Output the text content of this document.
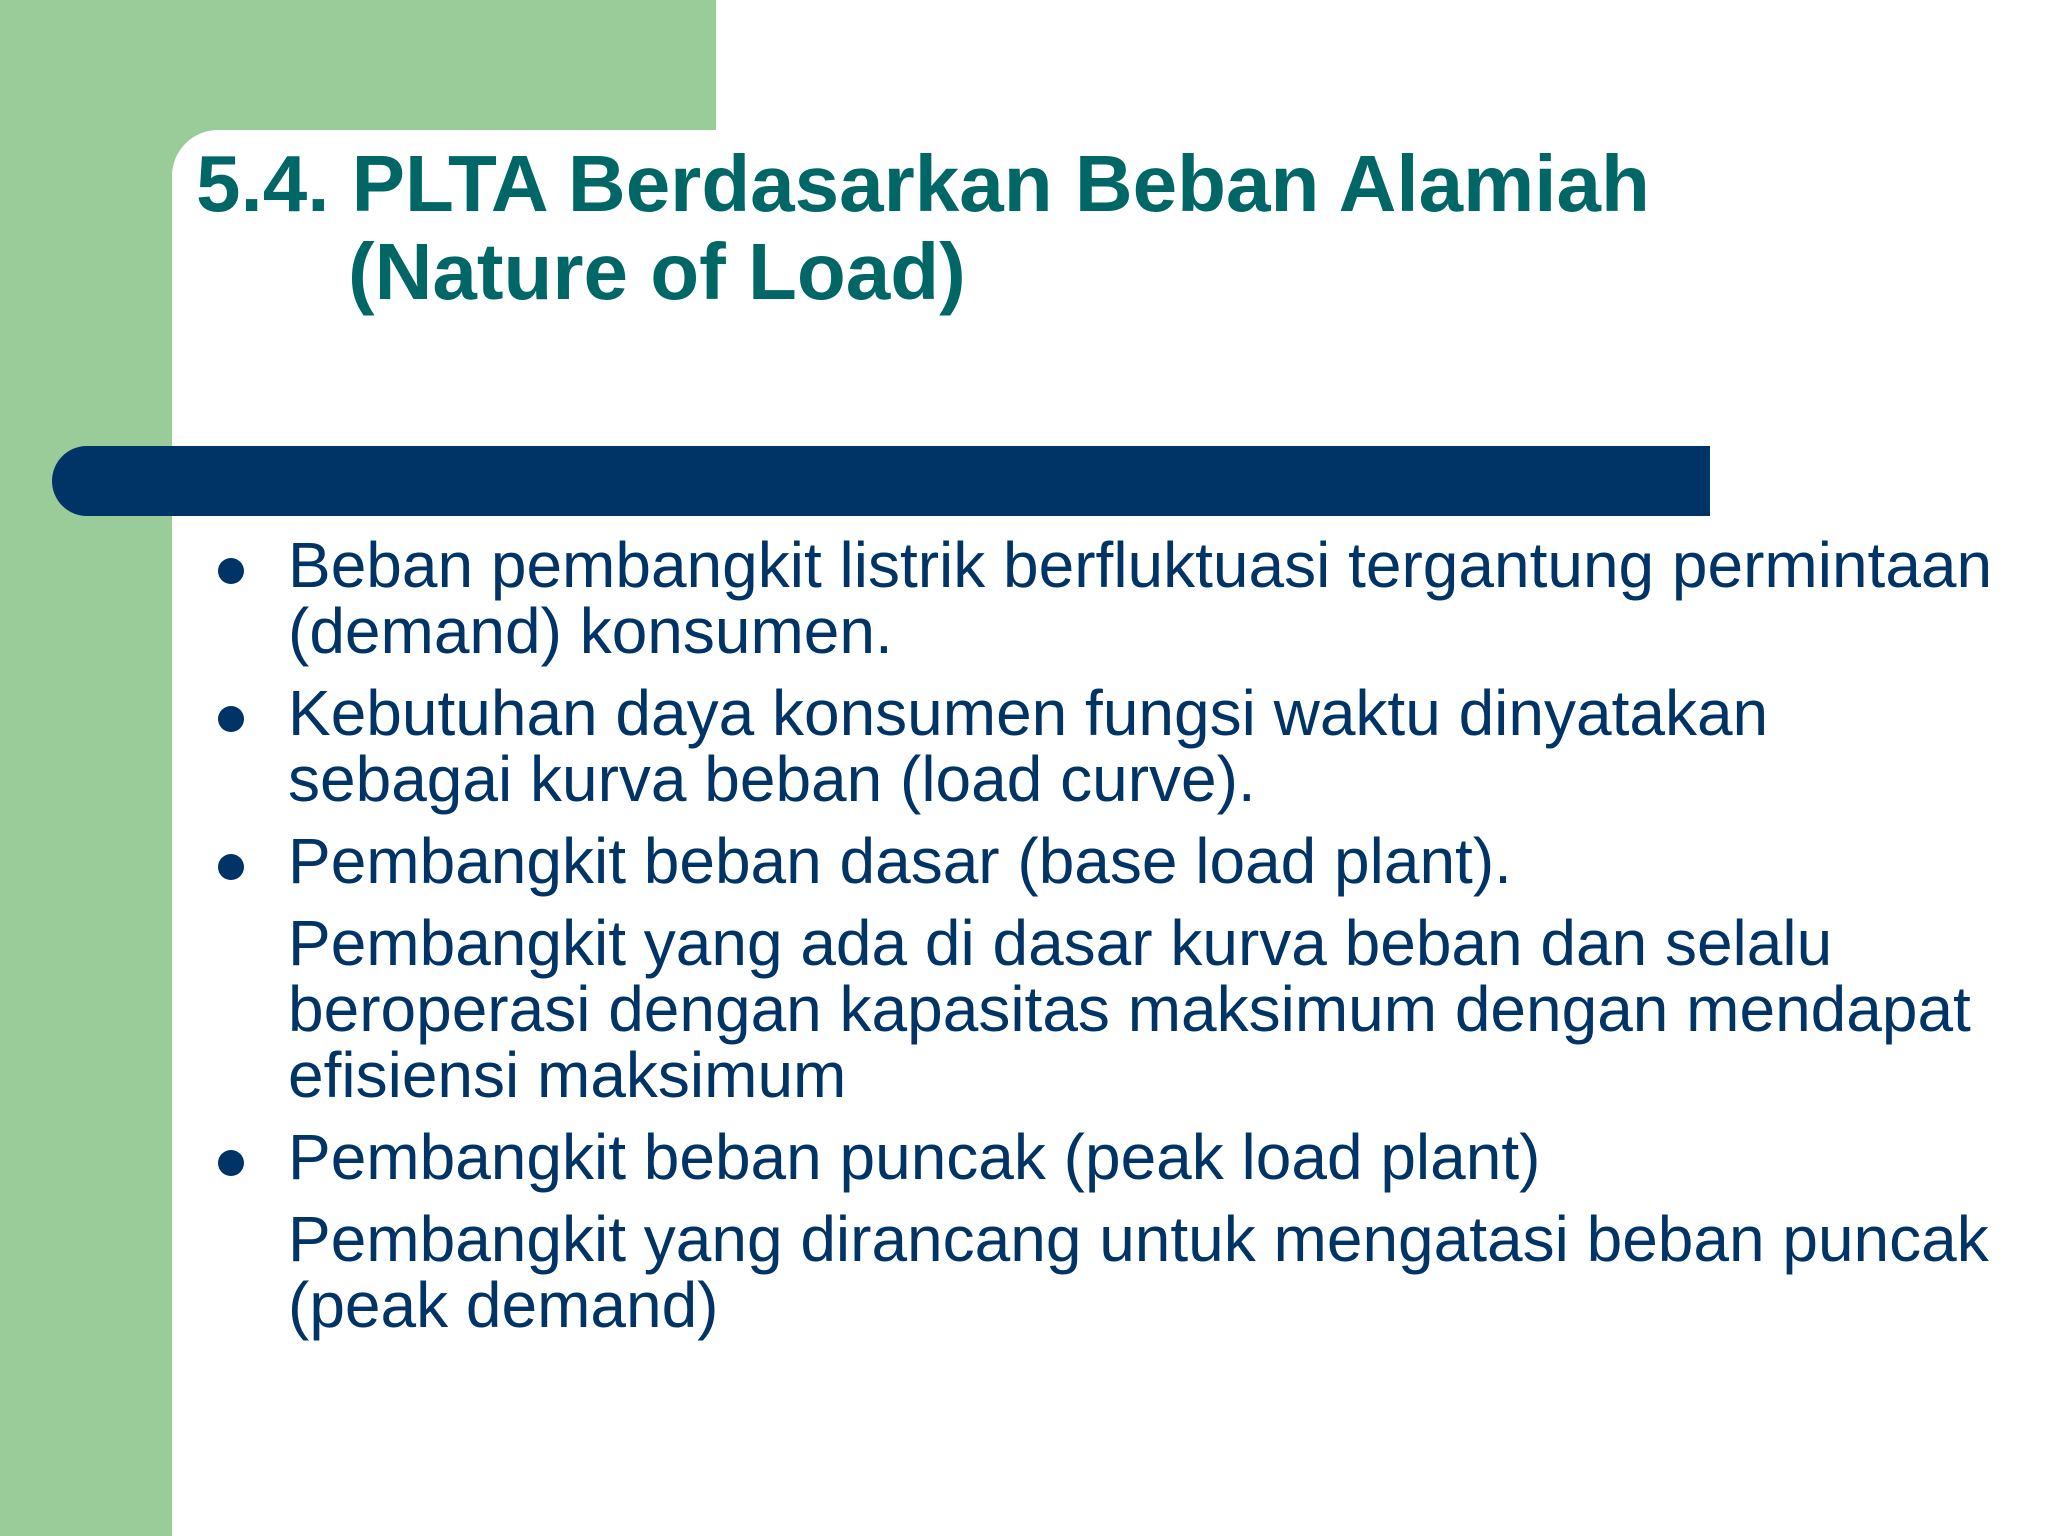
5.4. PLTA Berdasarkan Beban Alamiah
(Nature of Load)
Beban pembangkit listrik berfluktuasi tergantung permintaan (demand) konsumen.
Kebutuhan daya konsumen fungsi waktu dinyatakan sebagai kurva beban (load curve).
Pembangkit beban dasar (base load plant).
Pembangkit yang ada di dasar kurva beban dan selalu beroperasi dengan kapasitas maksimum dengan mendapat efisiensi maksimum
Pembangkit beban puncak (peak load plant)
Pembangkit yang dirancang untuk mengatasi beban puncak (peak demand)
